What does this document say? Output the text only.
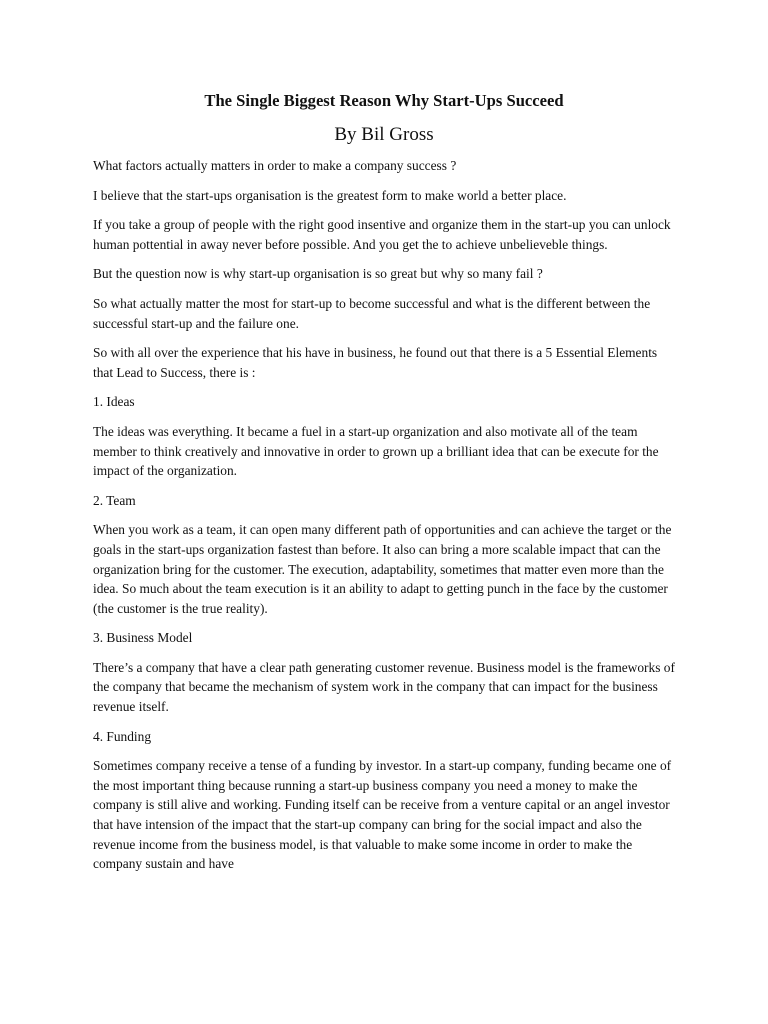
The Single Biggest Reason Why Start-Ups Succeed
By Bil Gross
What factors actually matters in order to make a company success ?
I believe that the start-ups organisation is the greatest form to make world a better place.
If you take a group of people with the right good insentive and organize them in the start-up you can unlock human pottential in away never before possible. And you get the to achieve unbelieveble things.
But the question now is why start-up organisation is so great but why so many fail ?
So what actually matter the most for start-up to become successful and what is the different between the successful start-up and the failure one.
So with all over the experience that his have in business, he found out that there is a 5 Essential Elements that Lead to Success, there is :
1. Ideas
The ideas was everything. It became a fuel in a start-up organization and also motivate all of the team member to think creatively and innovative in order to grown up a brilliant idea that can be execute for the impact of the organization.
2. Team
When you work as a team, it can open many different path of opportunities and can achieve the target or the goals in the start-ups organization fastest than before. It also can bring a more scalable impact that can the organization bring for the customer. The execution, adaptability, sometimes that matter even more than the idea. So much about the team execution is it an ability to adapt to getting punch in the face by the customer (the customer is the true reality).
3. Business Model
There’s a company that have a clear path generating customer revenue. Business model is the frameworks of the company that became the mechanism of system work in the company that can impact for the business revenue itself.
4. Funding
Sometimes company receive a tense of a funding by investor. In a start-up company, funding became one of the most important thing because running a start-up business company you need a money to make the company is still alive and working. Funding itself can be receive from a venture capital or an angel investor that have intension of the impact that the start-up company can bring for the social impact and also the revenue income from the business model, is that valuable to make some income in order to make the company sustain and have
